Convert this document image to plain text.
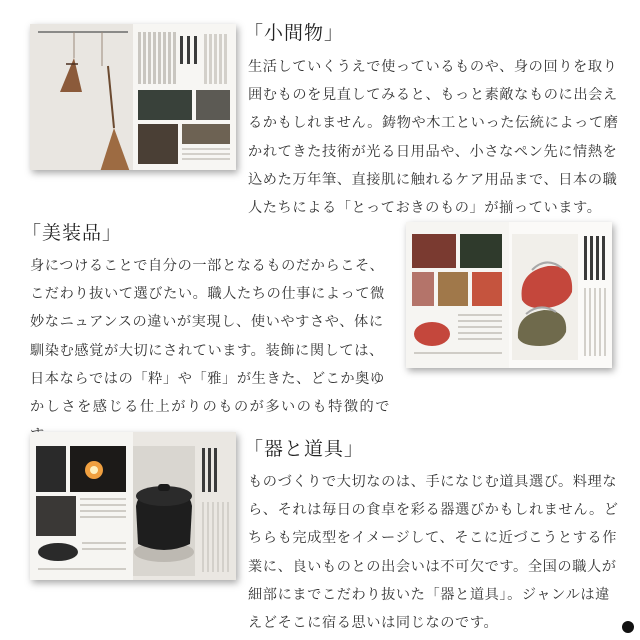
「小間物」
生活していくうえで使っているものや、身の回りを取り
囲むものを見直してみると、もっと素敵なものに出会え
るかもしれません。鋳物や木工といった伝統によって磨
かれてきた技術が光る日用品や、小さなペン先に情熱を
込めた万年筆、直接肌に触れるケア用品まで、日本の職
人たちによる「とっておきのもの」が揃っています。
「美装品」
身につけることで自分の一部となるものだからこそ、
こだわり抜いて選びたい。職人たちの仕事によって微
妙なニュアンスの違いが実現し、使いやすさや、体に
馴染む感覚が大切にされています。装飾に関しては、
日本ならではの「粋」や「雅」が生きた、どこか奥ゆ
かしさを感じる仕上がりのものが多いのも特徴的で
「器と道具」
ものづくりで大切なのは、手になじむ道具選び。料理な
ら、それは毎日の食卓を彩る器選びかもしれません。ど
ちらも完成型をイメージして、そこに近づこうとする作
業に、良いものとの出会いは不可欠です。全国の職人が
細部にまでこだわり抜いた「器と道具」。ジャンルは違
えどそこに宿る思いは同じなのです。
